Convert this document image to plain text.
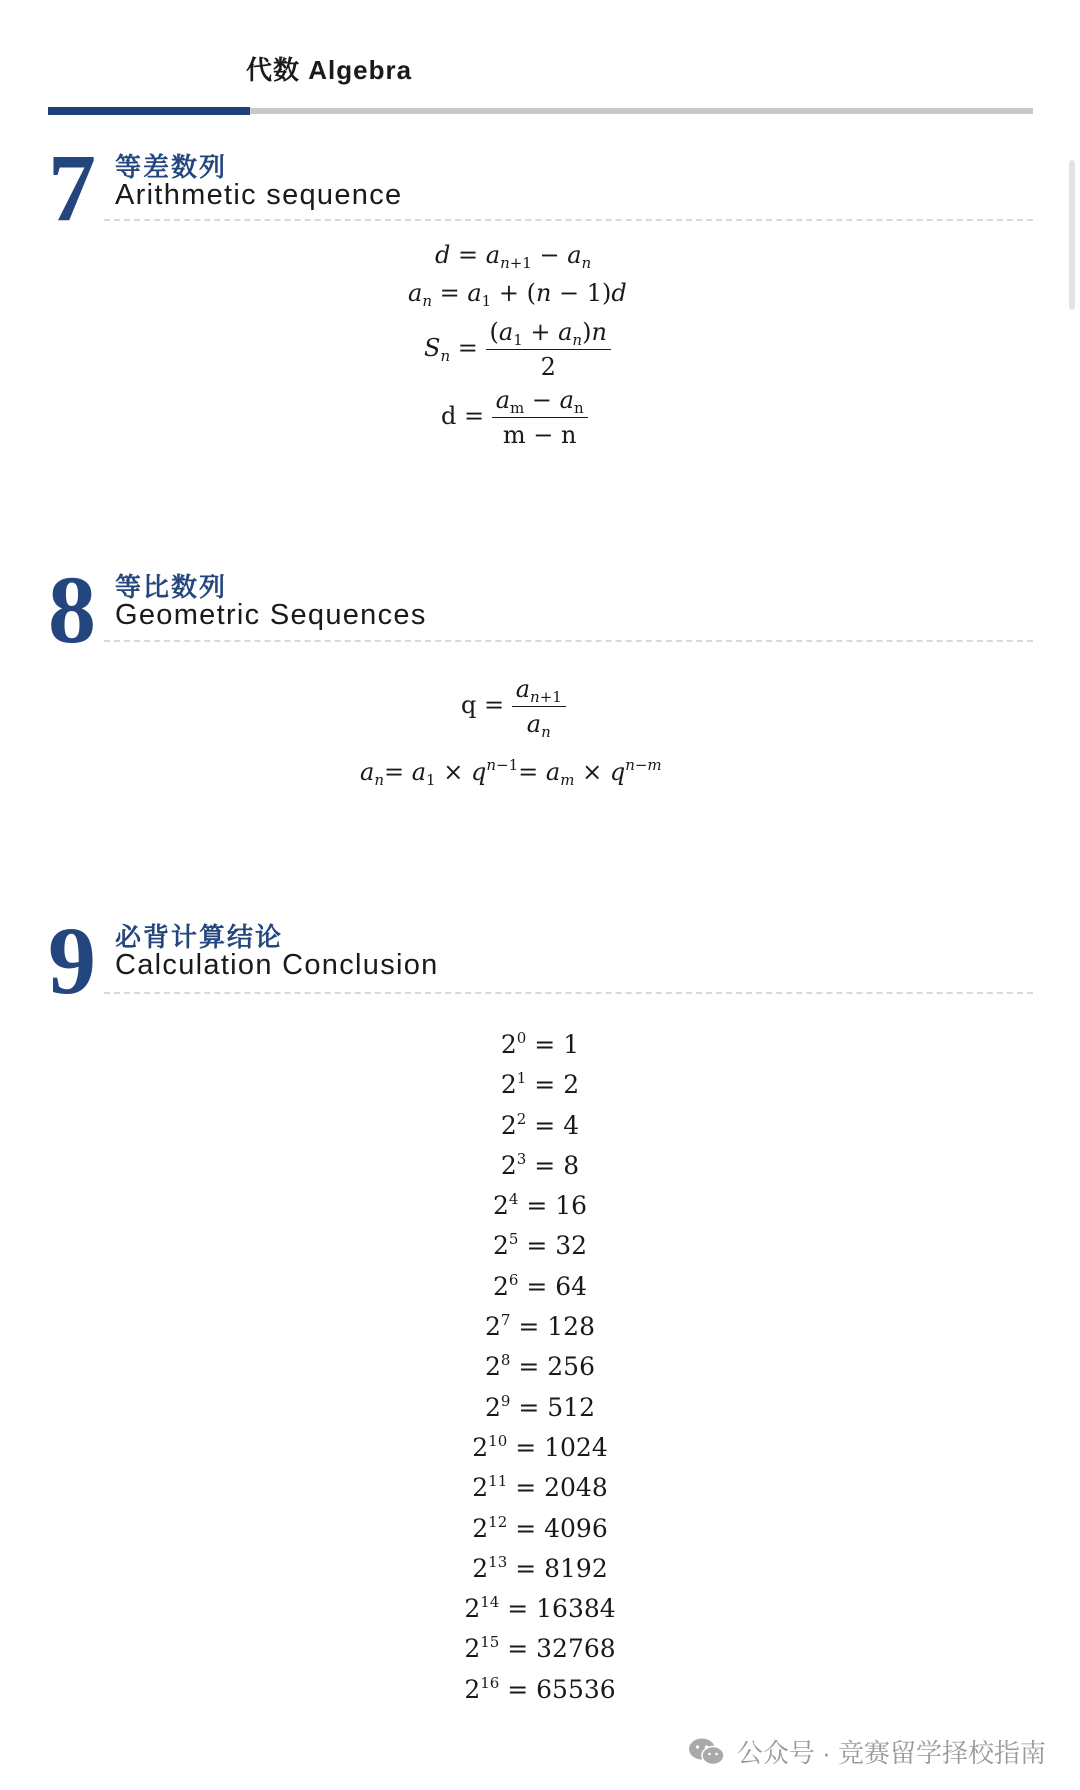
代数 Algebra
7 等差数列
Arithmetic sequence
$d = a_{n+1} - a_n$
$a_n = a_1 + (n - 1)d$
$S_n = \frac{(a_1 + a_n)n}{2}$
$d = \frac{a_m - a_n}{m - n}$
8 等比数列
Geometric Sequences
$q = \frac{a_{n+1}}{a_n}$
$a_n= a_1 \times q^{n-1}= a_m \times q^{n-m}$
9 必背计算结论
Calculation Conclusion
$2^0 = 1$
$2^1 = 2$
$2^2 = 4$
$2^3 = 8$
$2^4 = 16$
$2^5 = 32$
$2^6 = 64$
$2^7 = 128$
$2^8 = 256$
$2^9 = 512$
$2^{10} = 1024$
$2^{11} = 2048$
$2^{12} = 4096$
$2^{13} = 8192$
$2^{14} = 16384$
$2^{15} = 32768$
$2^{16} = 65536$
公众号 · 竞赛留学择校指南
